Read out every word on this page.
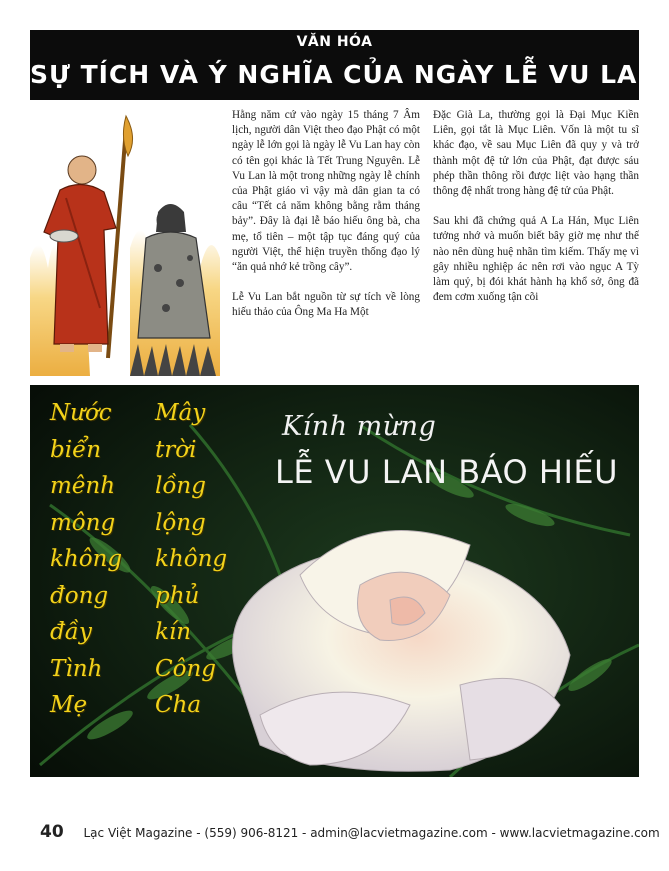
VĂN HÓA
SỰ TÍCH VÀ Ý NGHĨA CỦA NGÀY LỄ VU LAN

Hằng năm cứ vào ngày 15 tháng 7 Âm lịch, người dân Việt theo đạo Phật có một ngày lễ lớn gọi là ngày lễ Vu Lan hay còn có tên gọi khác là Tết Trung Nguyên. Lễ Vu Lan là một trong những ngày lễ chính của Phật giáo vì vậy mà dân gian ta có câu “Tết cả năm không bằng rằm tháng bảy”. Đây là đại lễ báo hiếu ông bà, cha mẹ, tổ tiên – một tập tục đáng quý của người Việt, thể hiện truyền thống đạo lý “ăn quả nhớ kẻ trồng cây”.

Lễ Vu Lan bắt nguồn từ sự tích về lòng hiếu thảo của Ông Ma Ha Một

Đặc Già La, thường gọi là Đại Mục Kiền Liên, gọi tắt là Mục Liên. Vốn là một tu sĩ khác đạo, về sau Mục Liên đã quy y và trở thành một đệ tử lớn của Phật, đạt được sáu phép thần thông rồi được liệt vào hạng thần thông đệ nhất trong hàng đệ tử của Phật.

Sau khi đã chứng quả A La Hán, Mục Liên tưởng nhớ và muốn biết bây giờ mẹ như thế nào nên dùng huệ nhãn tìm kiếm. Thấy mẹ vì gây nhiều nghiệp ác nên rơi vào ngục A Tỳ làm quỷ, bị đói khát hành hạ khổ sở, ông đã đem cơm xuống tận cõi

Nước
biển
mênh
mông
không
đong
đầy
Tình
Mẹ
Mây
trời
lồng
lộng
không
phủ
kín
Công
Cha
Kính mừng
LỄ VU LAN BÁO HIẾU
40 Lạc Việt Magazine - (559) 906-8121 - admin@lacvietmagazine.com - www.lacvietmagazine.com
